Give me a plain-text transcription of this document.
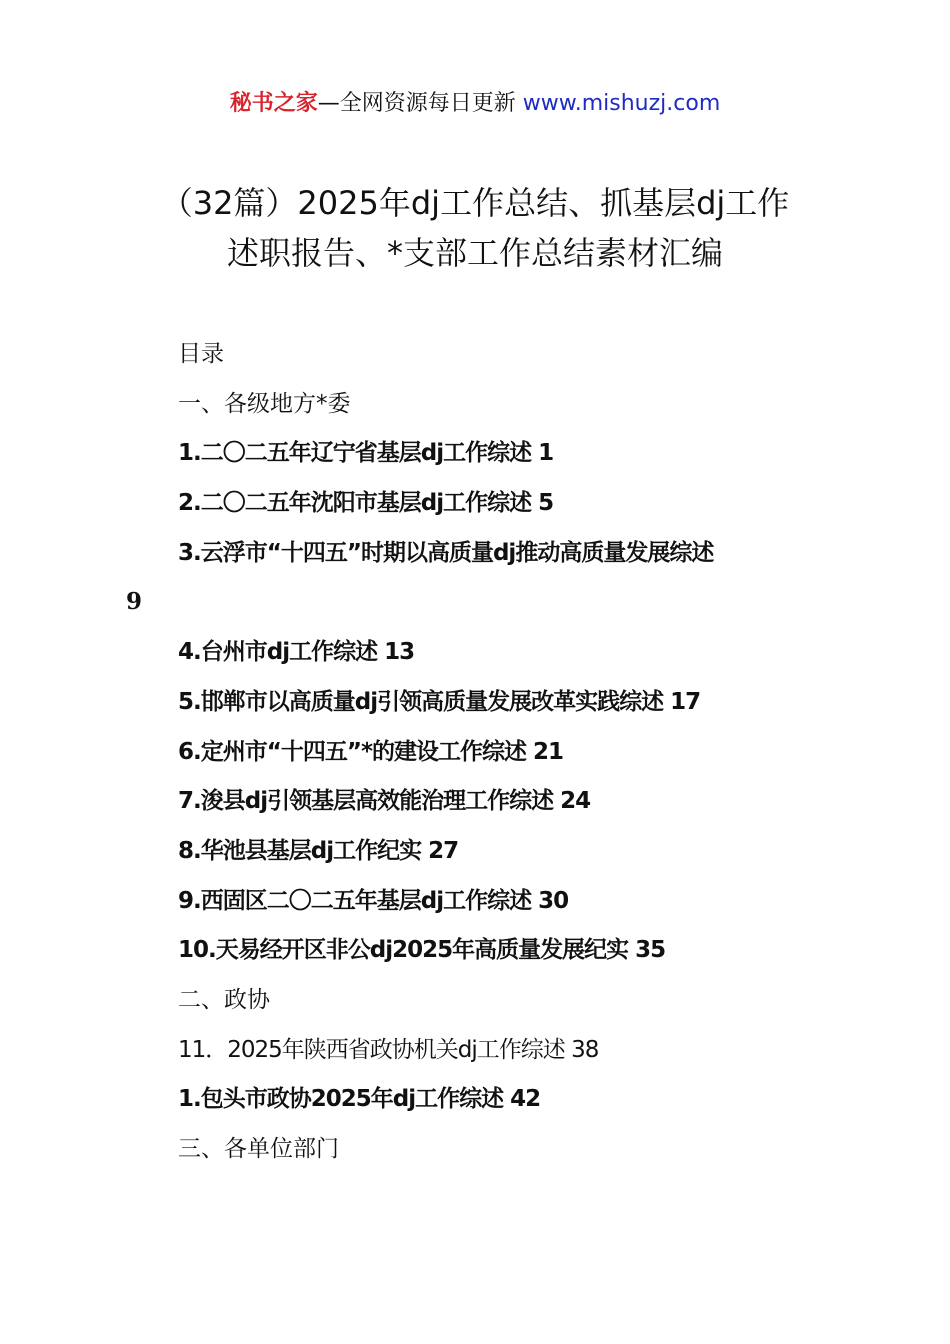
秘书之家—全网资源每日更新 www.mishuzj.com
（32篇）2025年dj工作总结、抓基层dj工作
述职报告、*支部工作总结素材汇编
目录
一、各级地方*委
1.二〇二五年辽宁省基层dj工作综述 1
2.二〇二五年沈阳市基层dj工作综述 5
3.云浮市“十四五”时期以高质量dj推动高质量发展综述
9
4.台州市dj工作综述 13
5.邯郸市以高质量dj引领高质量发展改革实践综述 17
6.定州市“十四五”*的建设工作综述 21
7.浚县dj引领基层高效能治理工作综述 24
8.华池县基层dj工作纪实 27
9.西固区二〇二五年基层dj工作综述 30
10.天易经开区非公dj2025年高质量发展纪实 35
二、政协
11．2025年陕西省政协机关dj工作综述 38
1.包头市政协2025年dj工作综述 42
三、各单位部门
